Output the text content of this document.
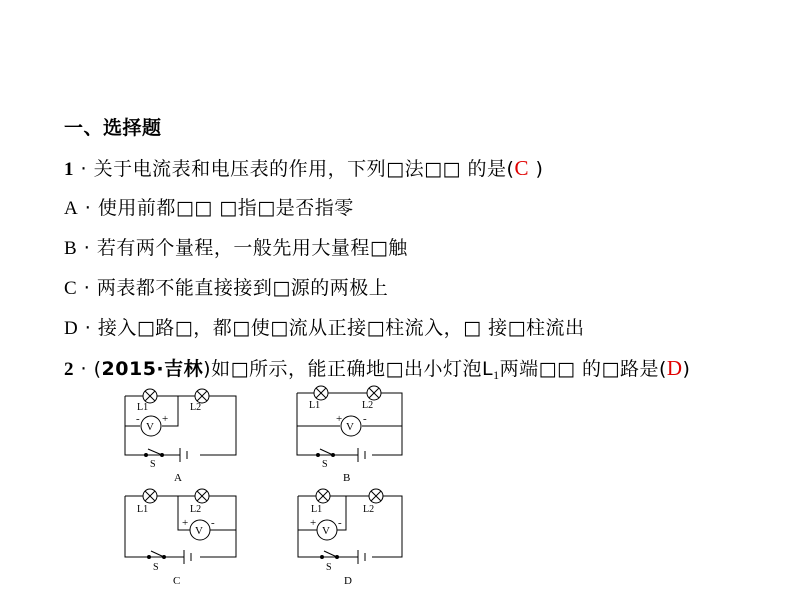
一、选择题
1 · 关于电流表和电压表的作用，下列□法□□ 的是(C )
A · 使用前都□□ □指□是否指零
B · 若有两个量程，一般先用大量程□触
C · 两表都不能直接接到□源的两极上
D · 接入□路□，都□使□流从正接□柱流入，□ 接□柱流出
2 · (2015·吉林)如□所示，能正确地□出小灯泡$L_1$两端□□ 的□路是(D)
L1	L2
V
+
-
S
A
L1	L2
V
+ -
S
B
L1	L2
V
+ -
S
C
L1	L2
V
+ -
S
D
